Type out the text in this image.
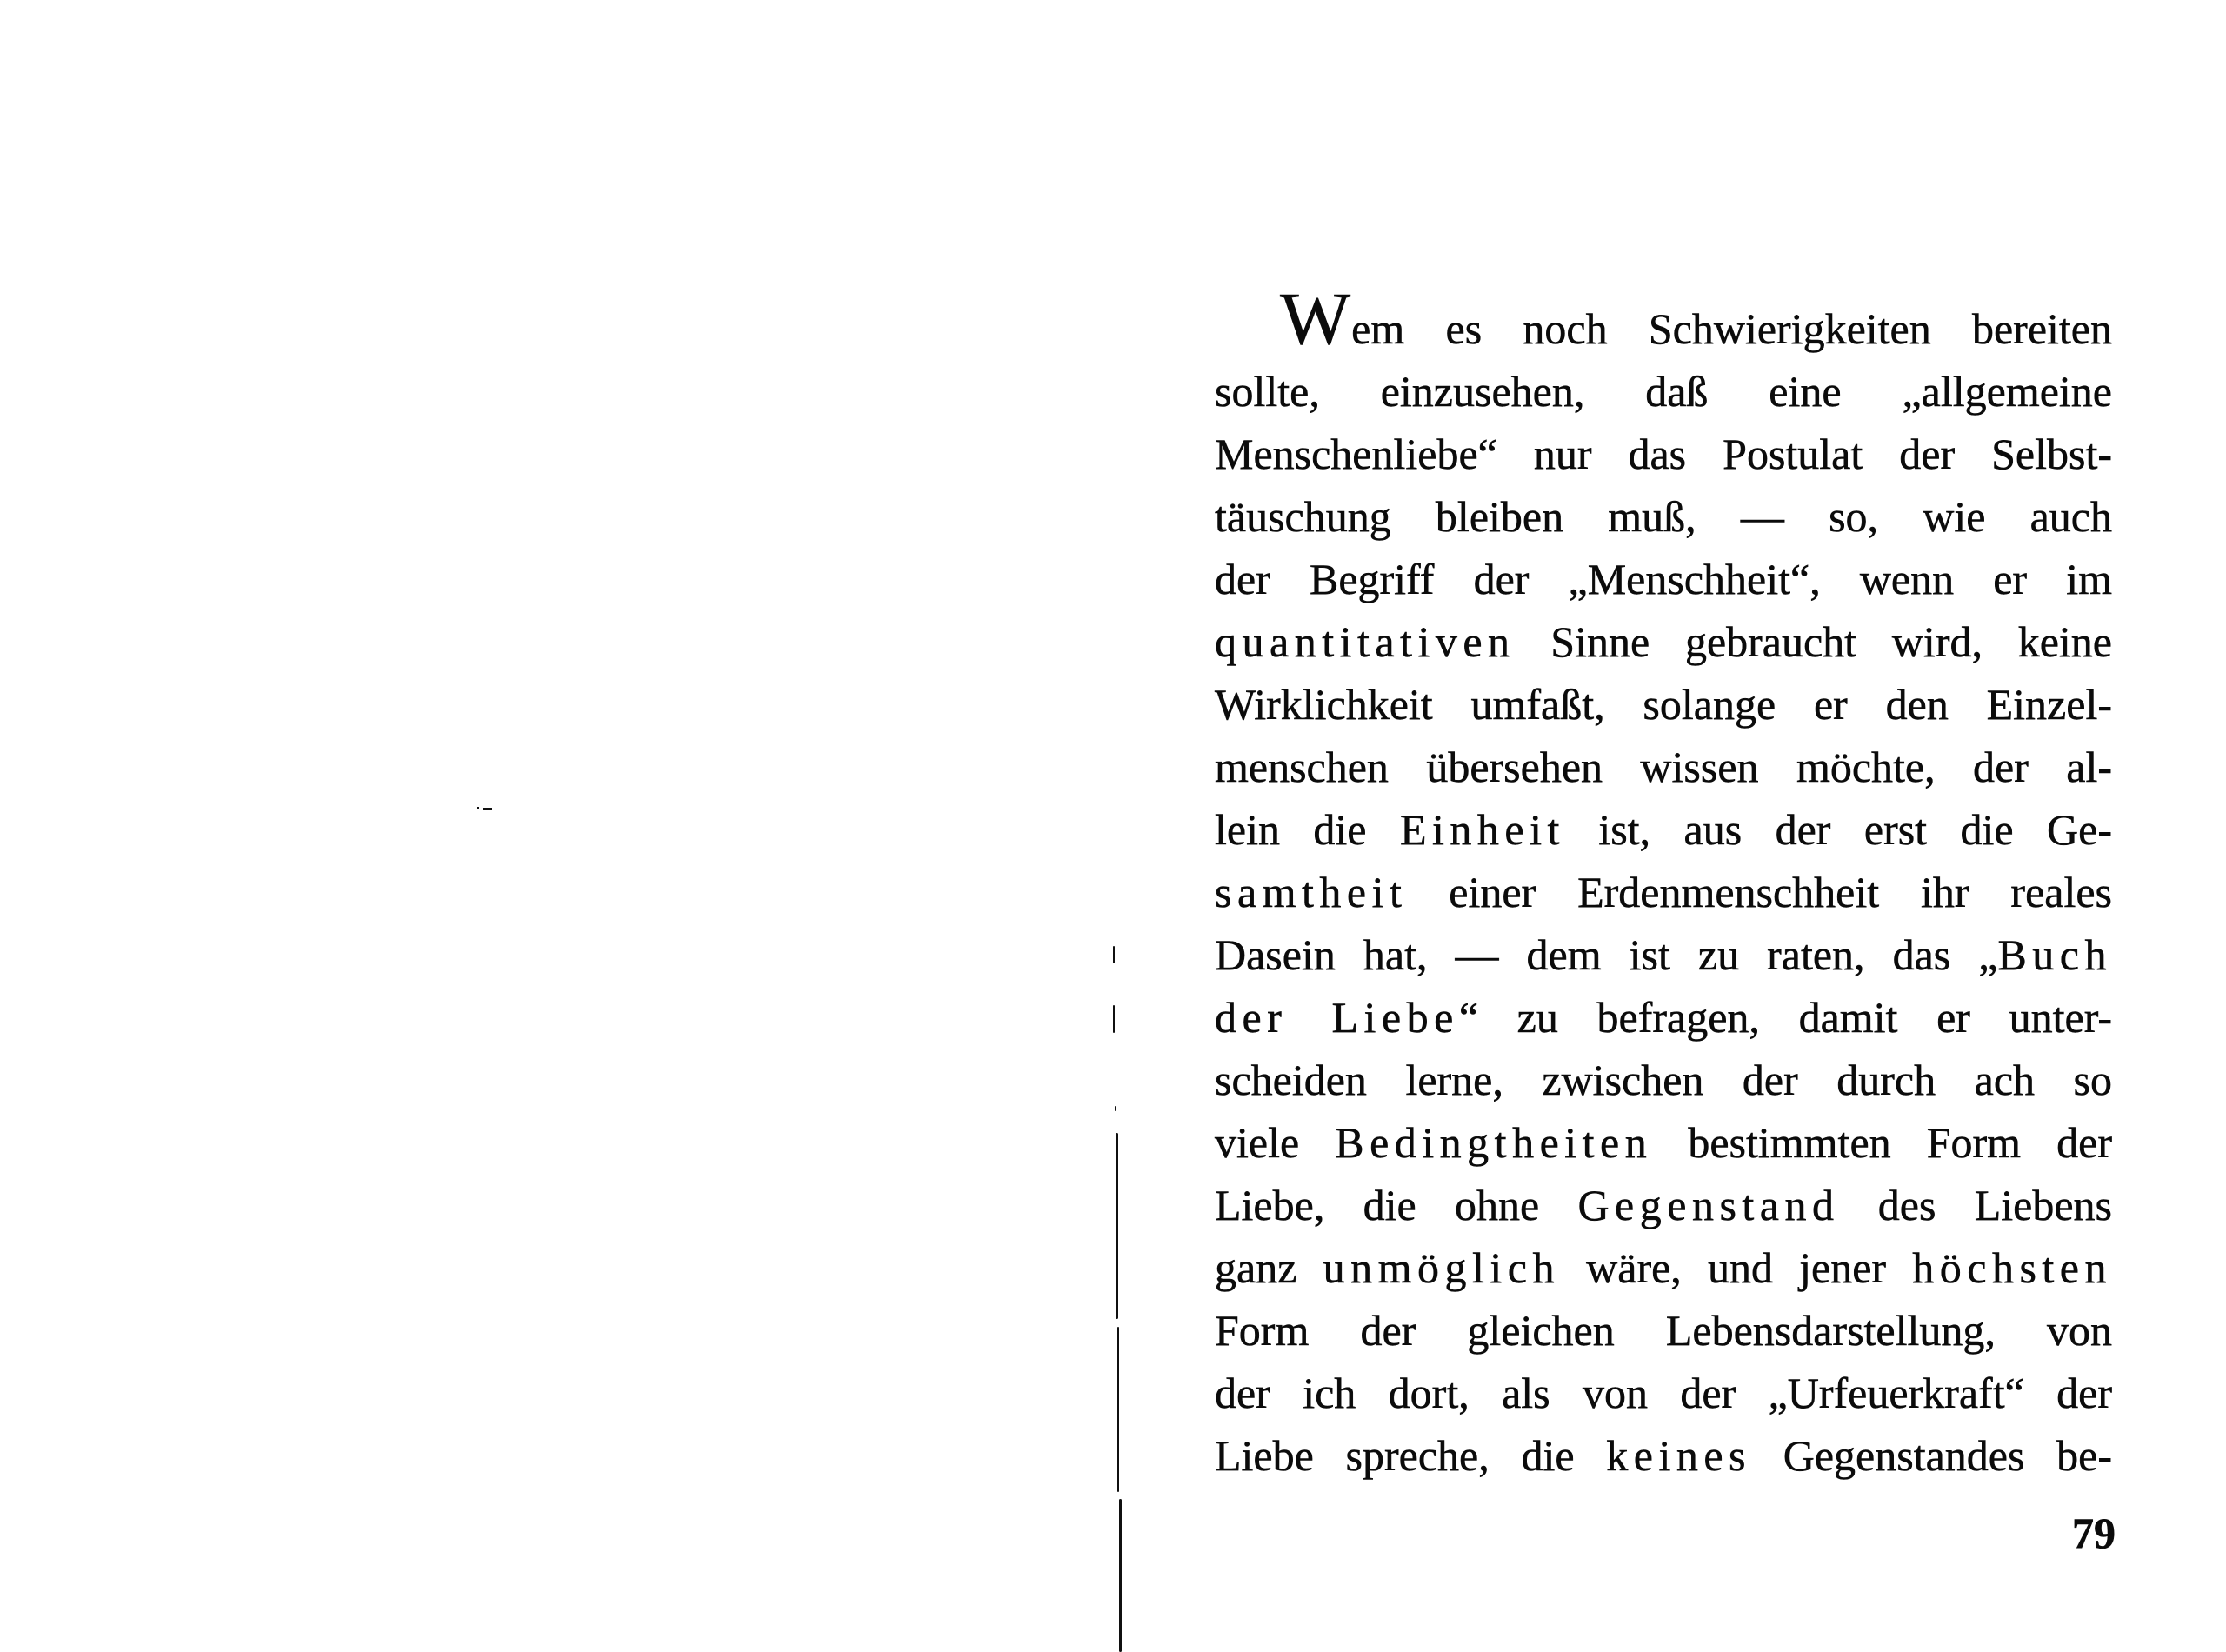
Wem es noch Schwierigkeiten bereiten
sollte, einzusehen, daß eine „allgemeine
Menschenliebe“ nur das Postulat der Selbst-
täuschung bleiben muß, — so, wie auch
der Begriff der „Menschheit“, wenn er im
quantitativen Sinne gebraucht wird, keine
Wirklichkeit umfaßt, solange er den Einzel-
menschen übersehen wissen möchte, der al-
lein die Einheit ist, aus der erst die Ge-
samtheit einer Erdenmenschheit ihr reales
Dasein hat, — dem ist zu raten, das „Buch
der Liebe“ zu befragen, damit er unter-
scheiden lerne, zwischen der durch ach so
viele Bedingtheiten bestimmten Form der
Liebe, die ohne Gegenstand des Liebens
ganz unmöglich wäre, und jener höchsten
Form der gleichen Lebensdarstellung, von
der ich dort, als von der „Urfeuerkraft“ der
Liebe spreche, die keines Gegenstandes be-
79
